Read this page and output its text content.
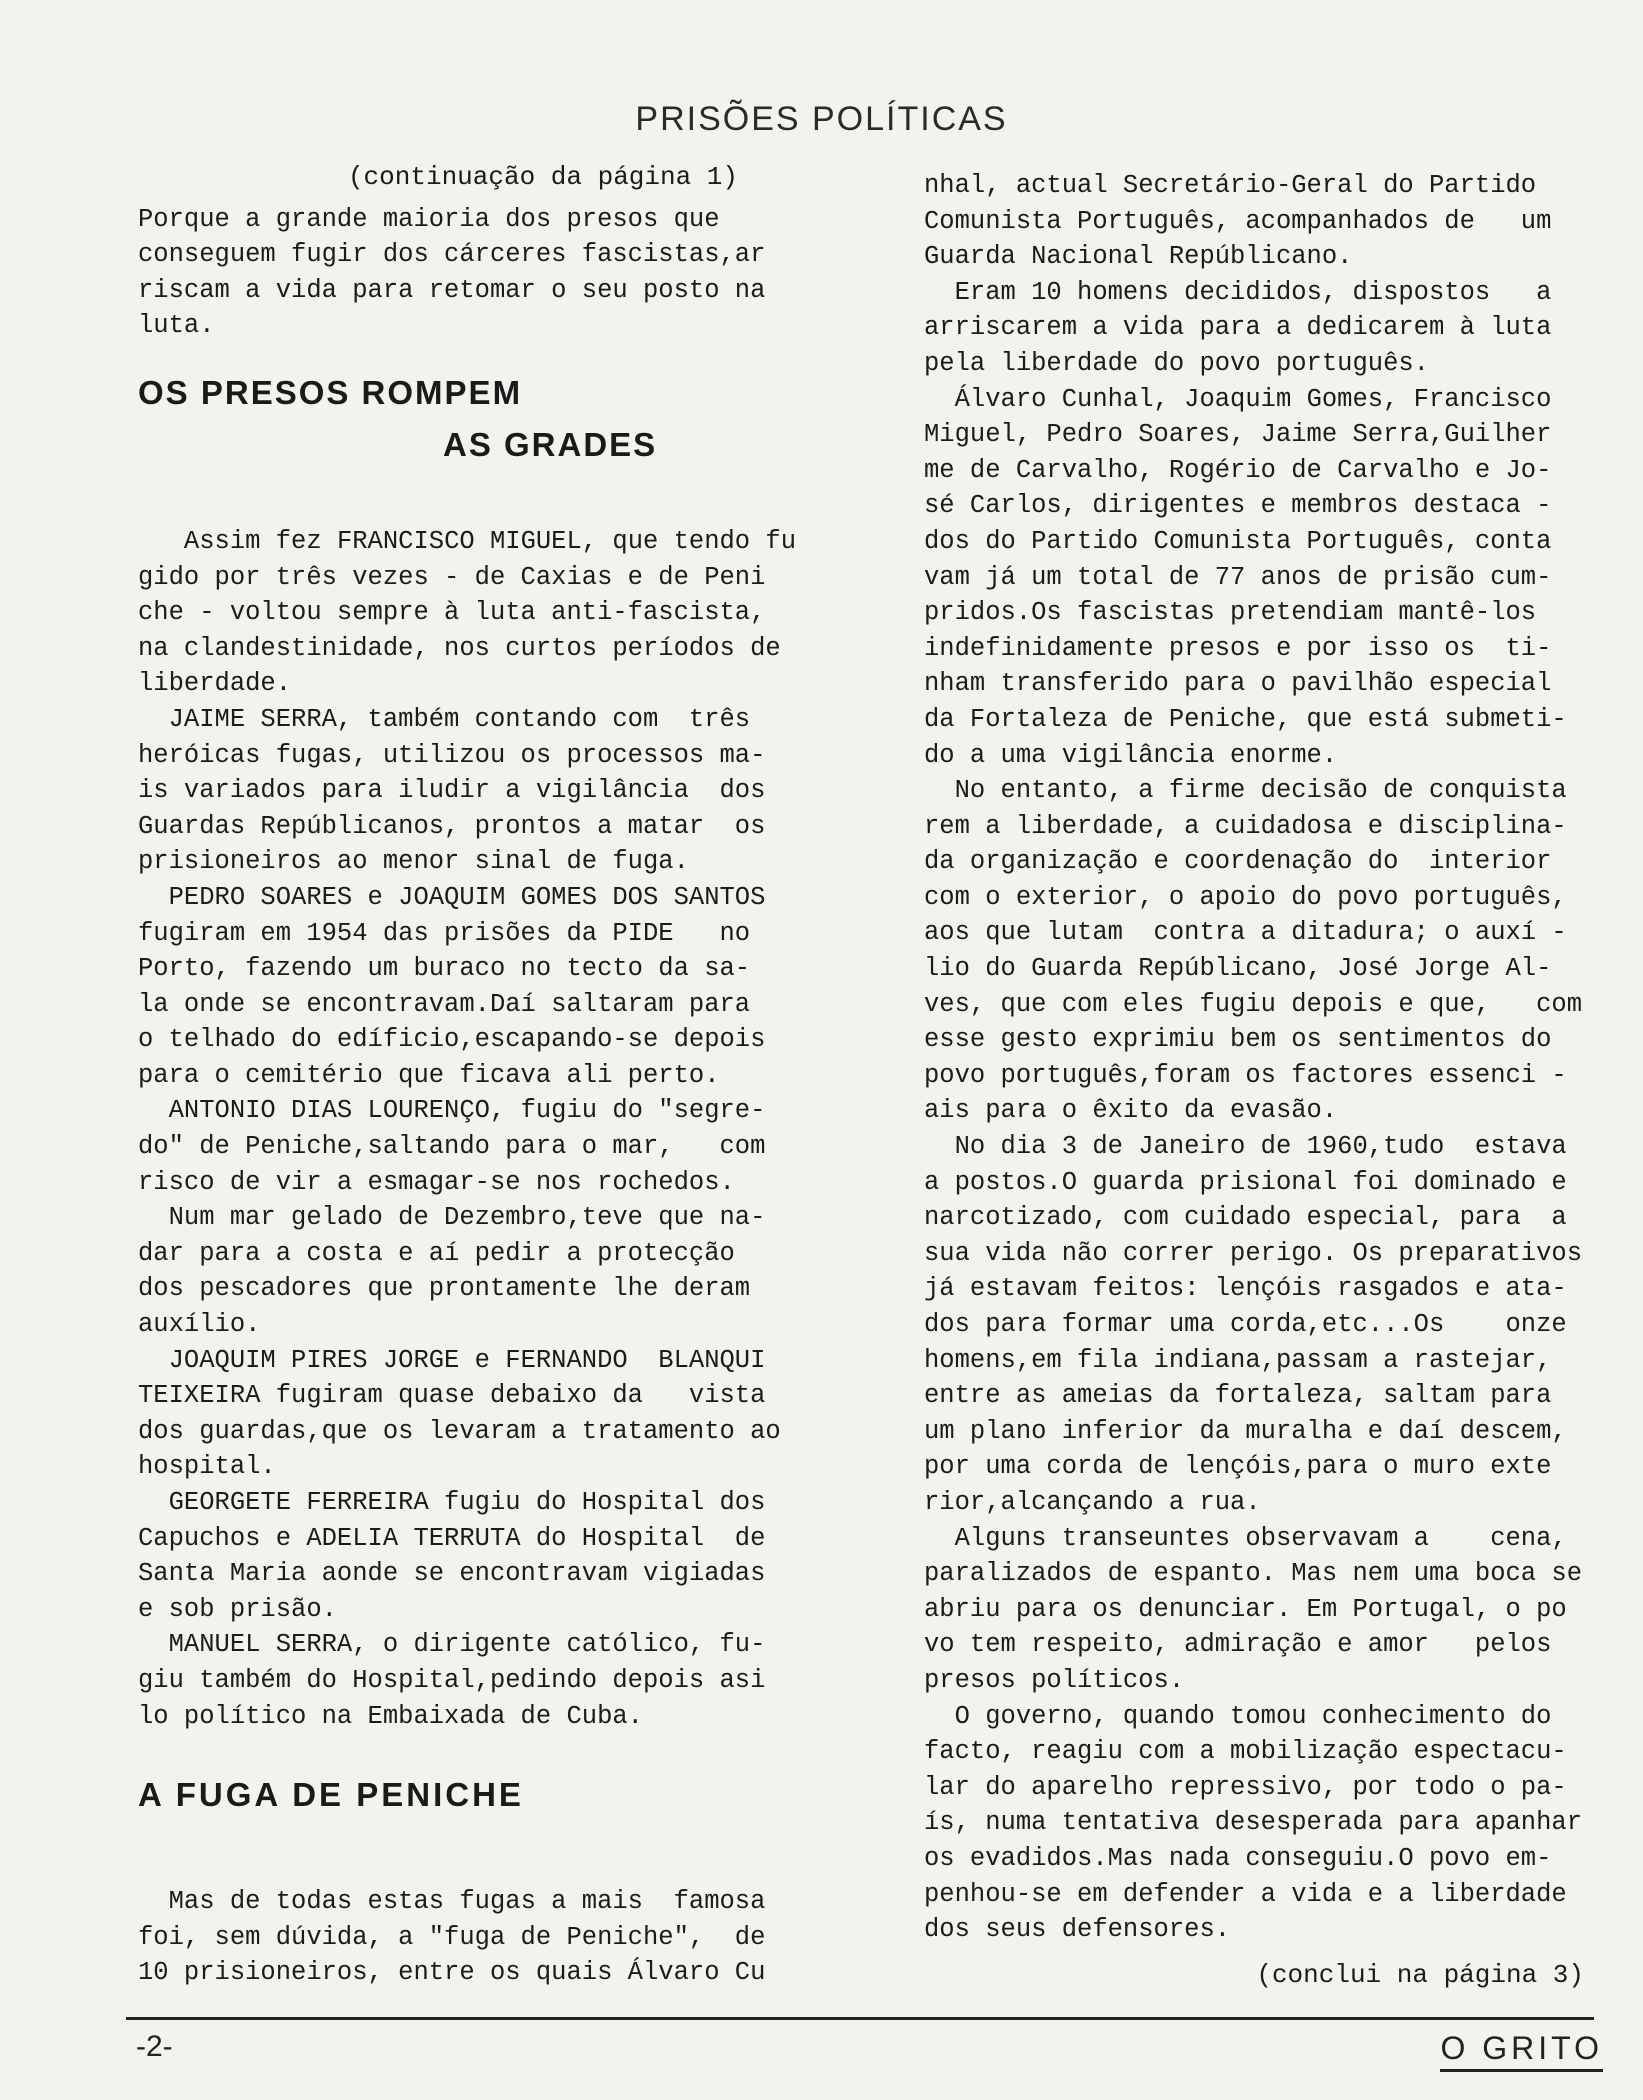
PRISÕES POLÍTICAS

(continuação da página 1)

Porque a grande maioria dos presos que
conseguem fugir dos cárceres fascistas,ar
riscam a vida para retomar o seu posto na
luta.

OS PRESOS ROMPEM

AS GRADES

Assim fez FRANCISCO MIGUEL, que tendo fu
gido por três vezes - de Caxias e de Peni
che - voltou sempre à luta anti-fascista,
na clandestinidade, nos curtos períodos de
liberdade.

JAIME SERRA, também contando com  três
heróicas fugas, utilizou os processos ma-
is variados para iludir a vigilância  dos
Guardas Repúblicanos, prontos a matar  os
prisioneiros ao menor sinal de fuga.

PEDRO SOARES e JOAQUIM GOMES DOS SANTOS
fugiram em 1954 das prisões da PIDE   no
Porto, fazendo um buraco no tecto da sa-
la onde se encontravam.Daí saltaram para
o telhado do edíficio,escapando-se depois
para o cemitério que ficava ali perto.

ANTONIO DIAS LOURENÇO, fugiu do "segre-
do" de Peniche,saltando para o mar,   com
risco de vir a esmagar-se nos rochedos.

Num mar gelado de Dezembro,teve que na-
dar para a costa e aí pedir a protecção
dos pescadores que prontamente lhe deram
auxílio.

JOAQUIM PIRES JORGE e FERNANDO  BLANQUI
TEIXEIRA fugiram quase debaixo da   vista
dos guardas,que os levaram a tratamento ao
hospital.

GEORGETE FERREIRA fugiu do Hospital dos
Capuchos e ADELIA TERRUTA do Hospital  de
Santa Maria aonde se encontravam vigiadas
e sob prisão.

MANUEL SERRA, o dirigente católico, fu-
giu também do Hospital,pedindo depois asi
lo político na Embaixada de Cuba.

A FUGA DE PENICHE

Mas de todas estas fugas a mais  famosa
foi, sem dúvida, a "fuga de Peniche",  de
10 prisioneiros, entre os quais Álvaro Cu

nhal, actual Secretário-Geral do Partido
Comunista Português, acompanhados de   um
Guarda Nacional Repúblicano.

Eram 10 homens decididos, dispostos   a
arriscarem a vida para a dedicarem à luta
pela liberdade do povo português.

Álvaro Cunhal, Joaquim Gomes, Francisco
Miguel, Pedro Soares, Jaime Serra,Guilher
me de Carvalho, Rogério de Carvalho e Jo-
sé Carlos, dirigentes e membros destaca -
dos do Partido Comunista Português, conta
vam já um total de 77 anos de prisão cum-
pridos.Os fascistas pretendiam mantê-los
indefinidamente presos e por isso os  ti-
nham transferido para o pavilhão especial
da Fortaleza de Peniche, que está submeti-
do a uma vigilância enorme.

No entanto, a firme decisão de conquista
rem a liberdade, a cuidadosa e disciplina-
da organização e coordenação do  interior
com o exterior, o apoio do povo português,
aos que lutam  contra a ditadura; o auxí -
lio do Guarda Repúblicano, José Jorge Al-
ves, que com eles fugiu depois e que,   com
esse gesto exprimiu bem os sentimentos do
povo português,foram os factores essenci -
ais para o êxito da evasão.

No dia 3 de Janeiro de 1960,tudo  estava
a postos.O guarda prisional foi dominado e
narcotizado, com cuidado especial, para  a
sua vida não correr perigo. Os preparativos
já estavam feitos: lençóis rasgados e ata-
dos para formar uma corda,etc...Os    onze
homens,em fila indiana,passam a rastejar,
entre as ameias da fortaleza, saltam para
um plano inferior da muralha e daí descem,
por uma corda de lençóis,para o muro exte
rior,alcançando a rua.

Alguns transeuntes observavam a    cena,
paralizados de espanto. Mas nem uma boca se
abriu para os denunciar. Em Portugal, o po
vo tem respeito, admiração e amor   pelos
presos políticos.

O governo, quando tomou conhecimento do
facto, reagiu com a mobilização espectacu-
lar do aparelho repressivo, por todo o pa-
ís, numa tentativa desesperada para apanhar
os evadidos.Mas nada conseguiu.O povo em-
penhou-se em defender a vida e a liberdade
dos seus defensores.

(conclui na página 3)

-2-	O GRITO
